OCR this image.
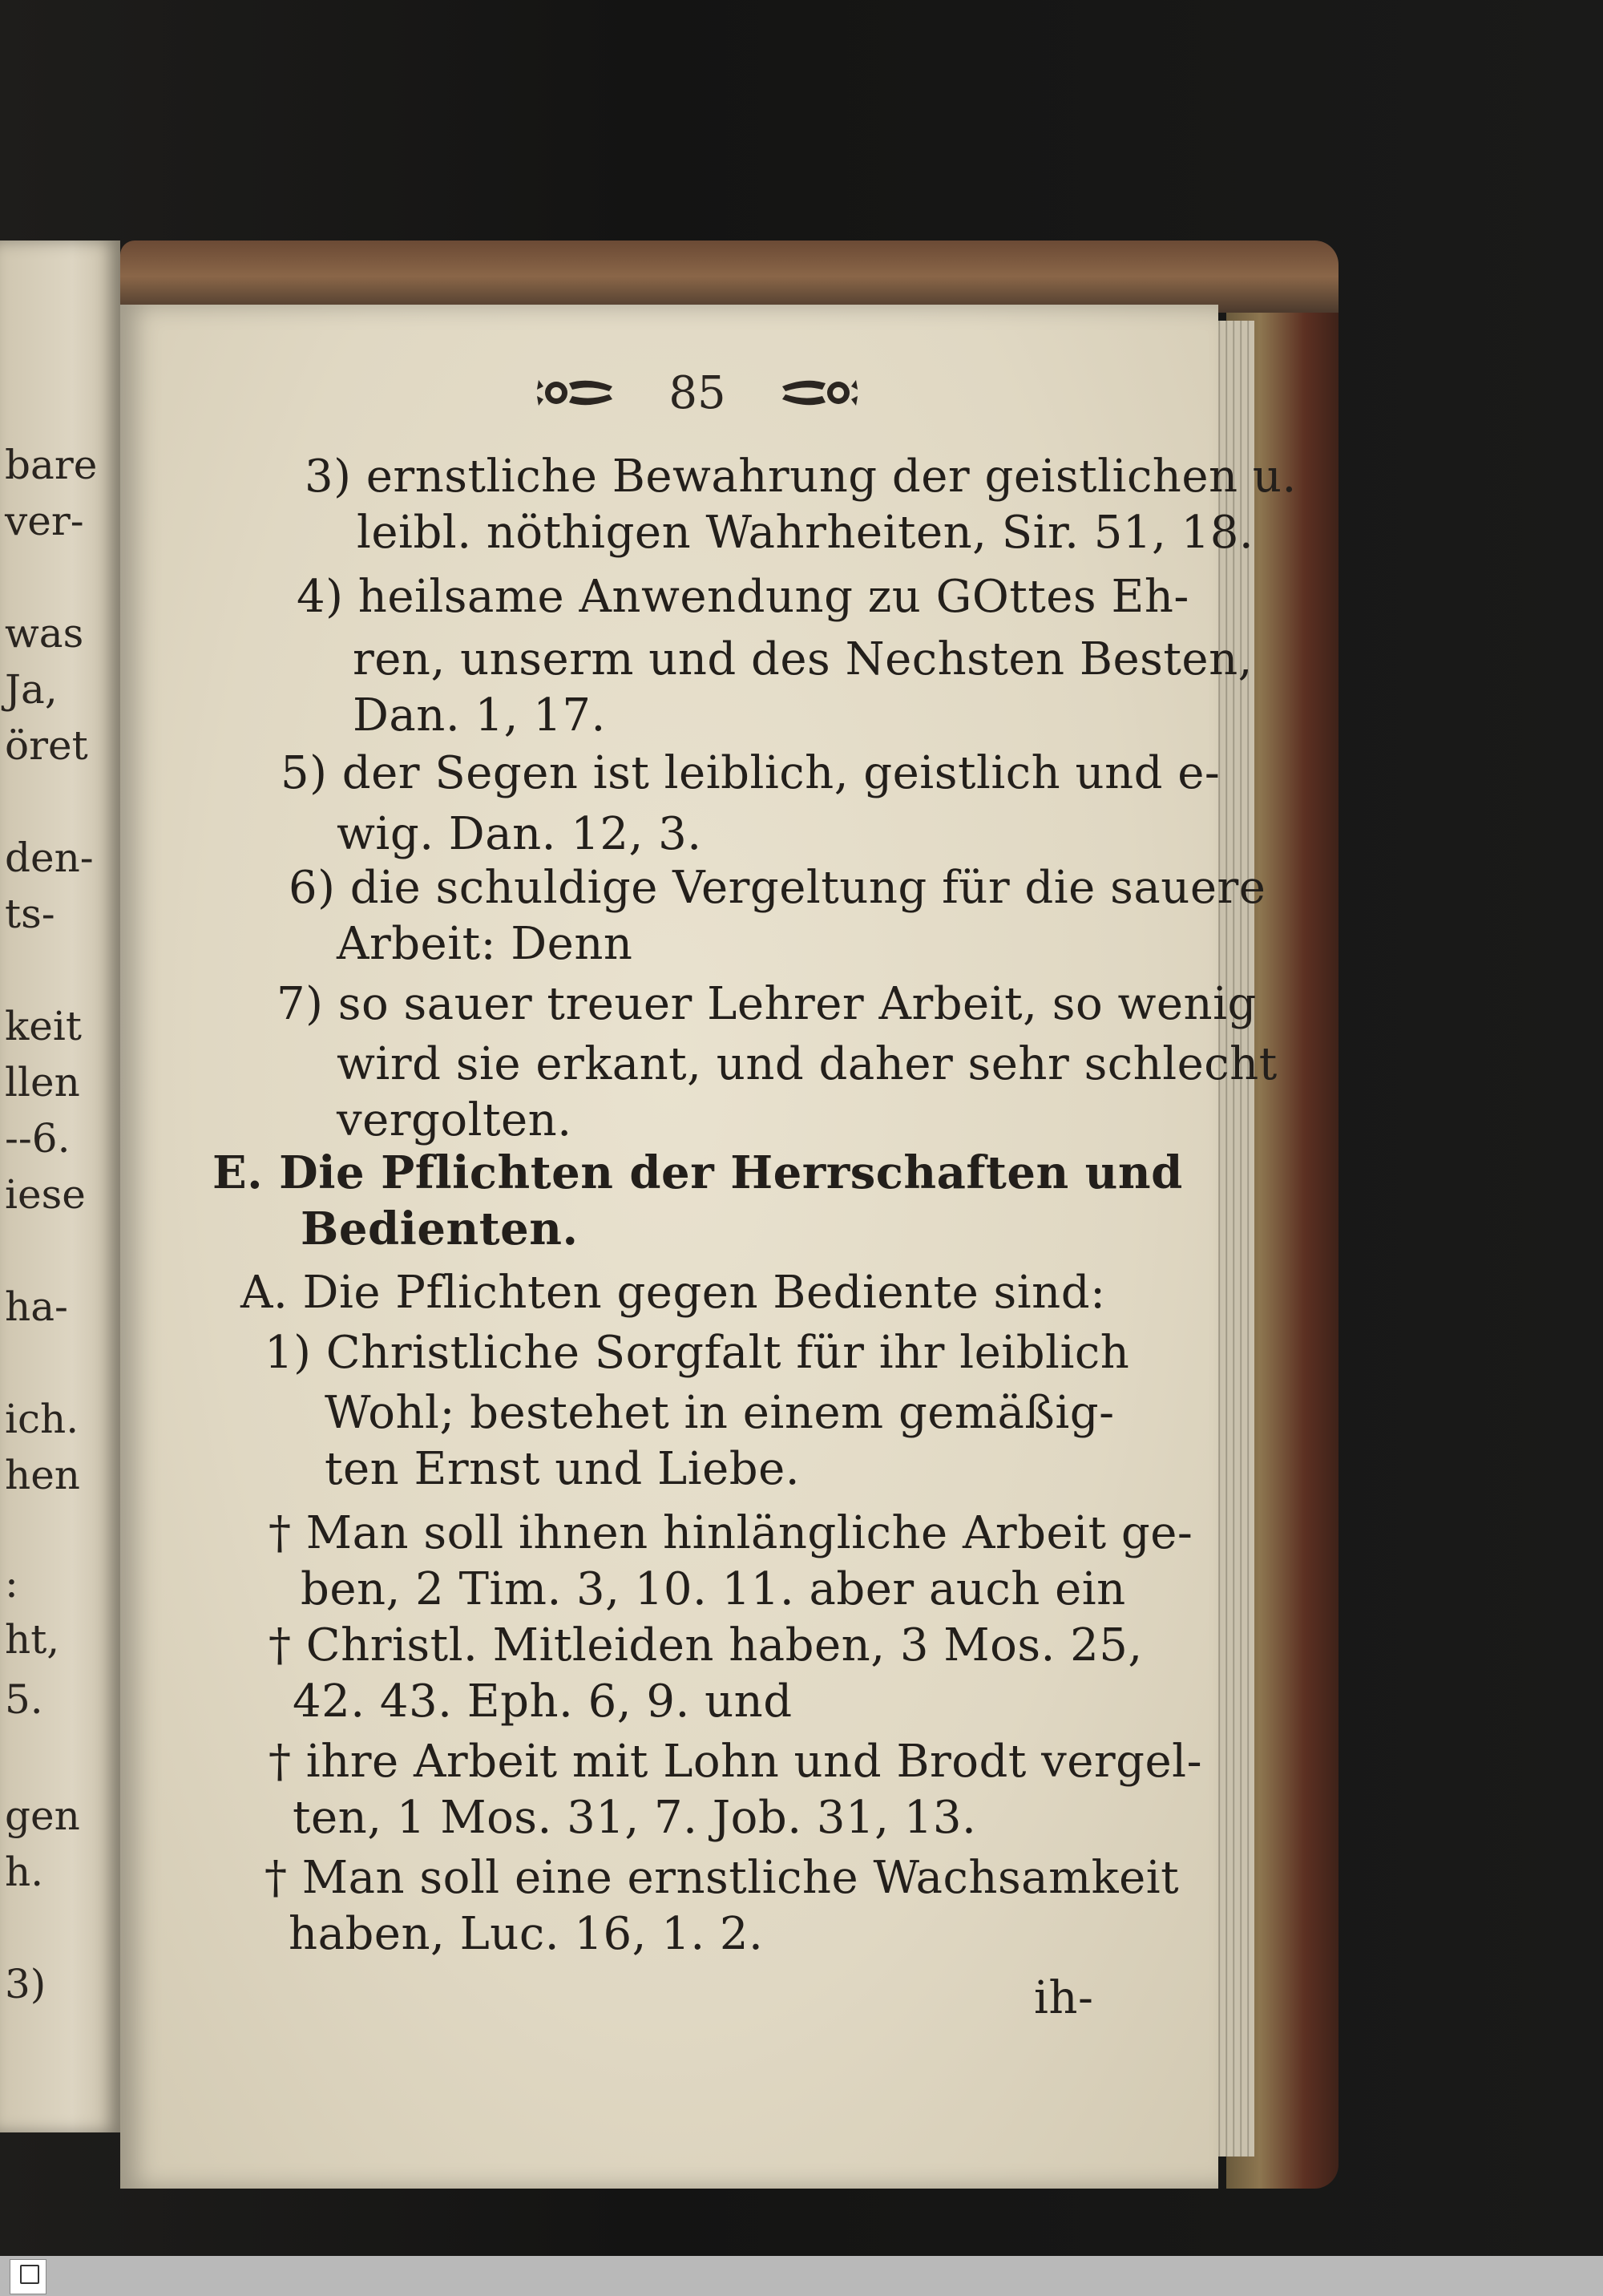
bare
ver-
was
Ja,
öret
den-
ts-
keit
llen
--6.
iese
ha-
ich.
hen
:
ht,
5.
gen
h.
3)
85
3) ernstliche Bewahrung der geistlichen u.
leibl. nöthigen Wahrheiten, Sir. 51, 18.
4) heilsame Anwendung zu GOttes Eh-
ren, unserm und des Nechsten Besten,
Dan. 1, 17.
5) der Segen ist leiblich, geistlich und e-
wig. Dan. 12, 3.
6) die schuldige Vergeltung für die sauere
Arbeit: Denn
7) so sauer treuer Lehrer Arbeit, so wenig
wird sie erkant, und daher sehr schlecht
vergolten.
E. Die Pflichten der Herrschaften und
Bedienten.
A. Die Pflichten gegen Bediente sind:
1) Christliche Sorgfalt für ihr leiblich
Wohl; bestehet in einem gemäßig-
ten Ernst und Liebe.
† Man soll ihnen hinlängliche Arbeit ge-
ben, 2 Tim. 3, 10. 11. aber auch ein
† Christl. Mitleiden haben, 3 Mos. 25,
42. 43. Eph. 6, 9. und
† ihre Arbeit mit Lohn und Brodt vergel-
ten, 1 Mos. 31, 7. Job. 31, 13.
† Man soll eine ernstliche Wachsamkeit
haben, Luc. 16, 1. 2.
ih-
